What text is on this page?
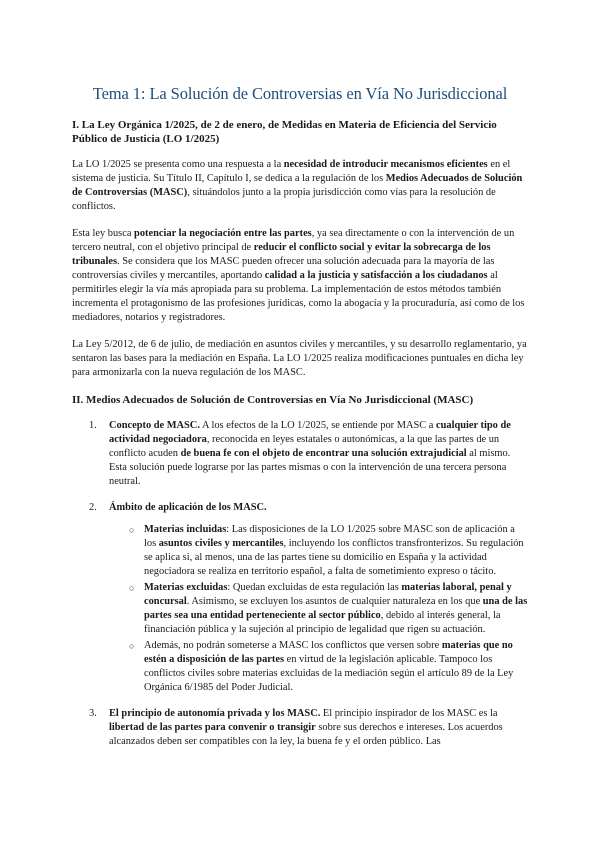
Tema 1: La Solución de Controversias en Vía No Jurisdiccional
I. La Ley Orgánica 1/2025, de 2 de enero, de Medidas en Materia de Eficiencia del Servicio Público de Justicia (LO 1/2025)

La LO 1/2025 se presenta como una respuesta a la necesidad de introducir mecanismos eficientes en el sistema de justicia. Su Título II, Capítulo I, se dedica a la regulación de los Medios Adecuados de Solución de Controversias (MASC), situándolos junto a la propia jurisdicción como vías para la resolución de conflictos.

Esta ley busca potenciar la negociación entre las partes, ya sea directamente o con la intervención de un tercero neutral, con el objetivo principal de reducir el conflicto social y evitar la sobrecarga de los tribunales. Se considera que los MASC pueden ofrecer una solución adecuada para la mayoría de las controversias civiles y mercantiles, aportando calidad a la justicia y satisfacción a los ciudadanos al permitirles elegir la vía más apropiada para su problema. La implementación de estos métodos también incrementa el protagonismo de las profesiones jurídicas, como la abogacía y la procuraduría, así como de los mediadores, notarios y registradores.

La Ley 5/2012, de 6 de julio, de mediación en asuntos civiles y mercantiles, y su desarrollo reglamentario, ya sentaron las bases para la mediación en España. La LO 1/2025 realiza modificaciones puntuales en dicha ley para armonizarla con la nueva regulación de los MASC.

II. Medios Adecuados de Solución de Controversias en Vía No Jurisdiccional (MASC)
1. Concepto de MASC. A los efectos de la LO 1/2025, se entiende por MASC a cualquier tipo de actividad negociadora, reconocida en leyes estatales o autonómicas, a la que las partes de un conflicto acuden de buena fe con el objeto de encontrar una solución extrajudicial al mismo. Esta solución puede lograrse por las partes mismas o con la intervención de una tercera persona neutral.
2. Ámbito de aplicación de los MASC.
○ Materias incluidas: Las disposiciones de la LO 1/2025 sobre MASC son de aplicación a los asuntos civiles y mercantiles, incluyendo los conflictos transfronterizos. Su regulación se aplica si, al menos, una de las partes tiene su domicilio en España y la actividad negociadora se realiza en territorio español, a falta de sometimiento expreso o tácito.
○ Materias excluidas: Quedan excluidas de esta regulación las materias laboral, penal y concursal. Asimismo, se excluyen los asuntos de cualquier naturaleza en los que una de las partes sea una entidad perteneciente al sector público, debido al interés general, la financiación pública y la sujeción al principio de legalidad que rigen su actuación.
○ Además, no podrán someterse a MASC los conflictos que versen sobre materias que no estén a disposición de las partes en virtud de la legislación aplicable. Tampoco los conflictos civiles sobre materias excluidas de la mediación según el artículo 89 de la Ley Orgánica 6/1985 del Poder Judicial.
3. El principio de autonomía privada y los MASC. El principio inspirador de los MASC es la libertad de las partes para convenir o transigir sobre sus derechos e intereses. Los acuerdos alcanzados deben ser compatibles con la ley, la buena fe y el orden público. Las
